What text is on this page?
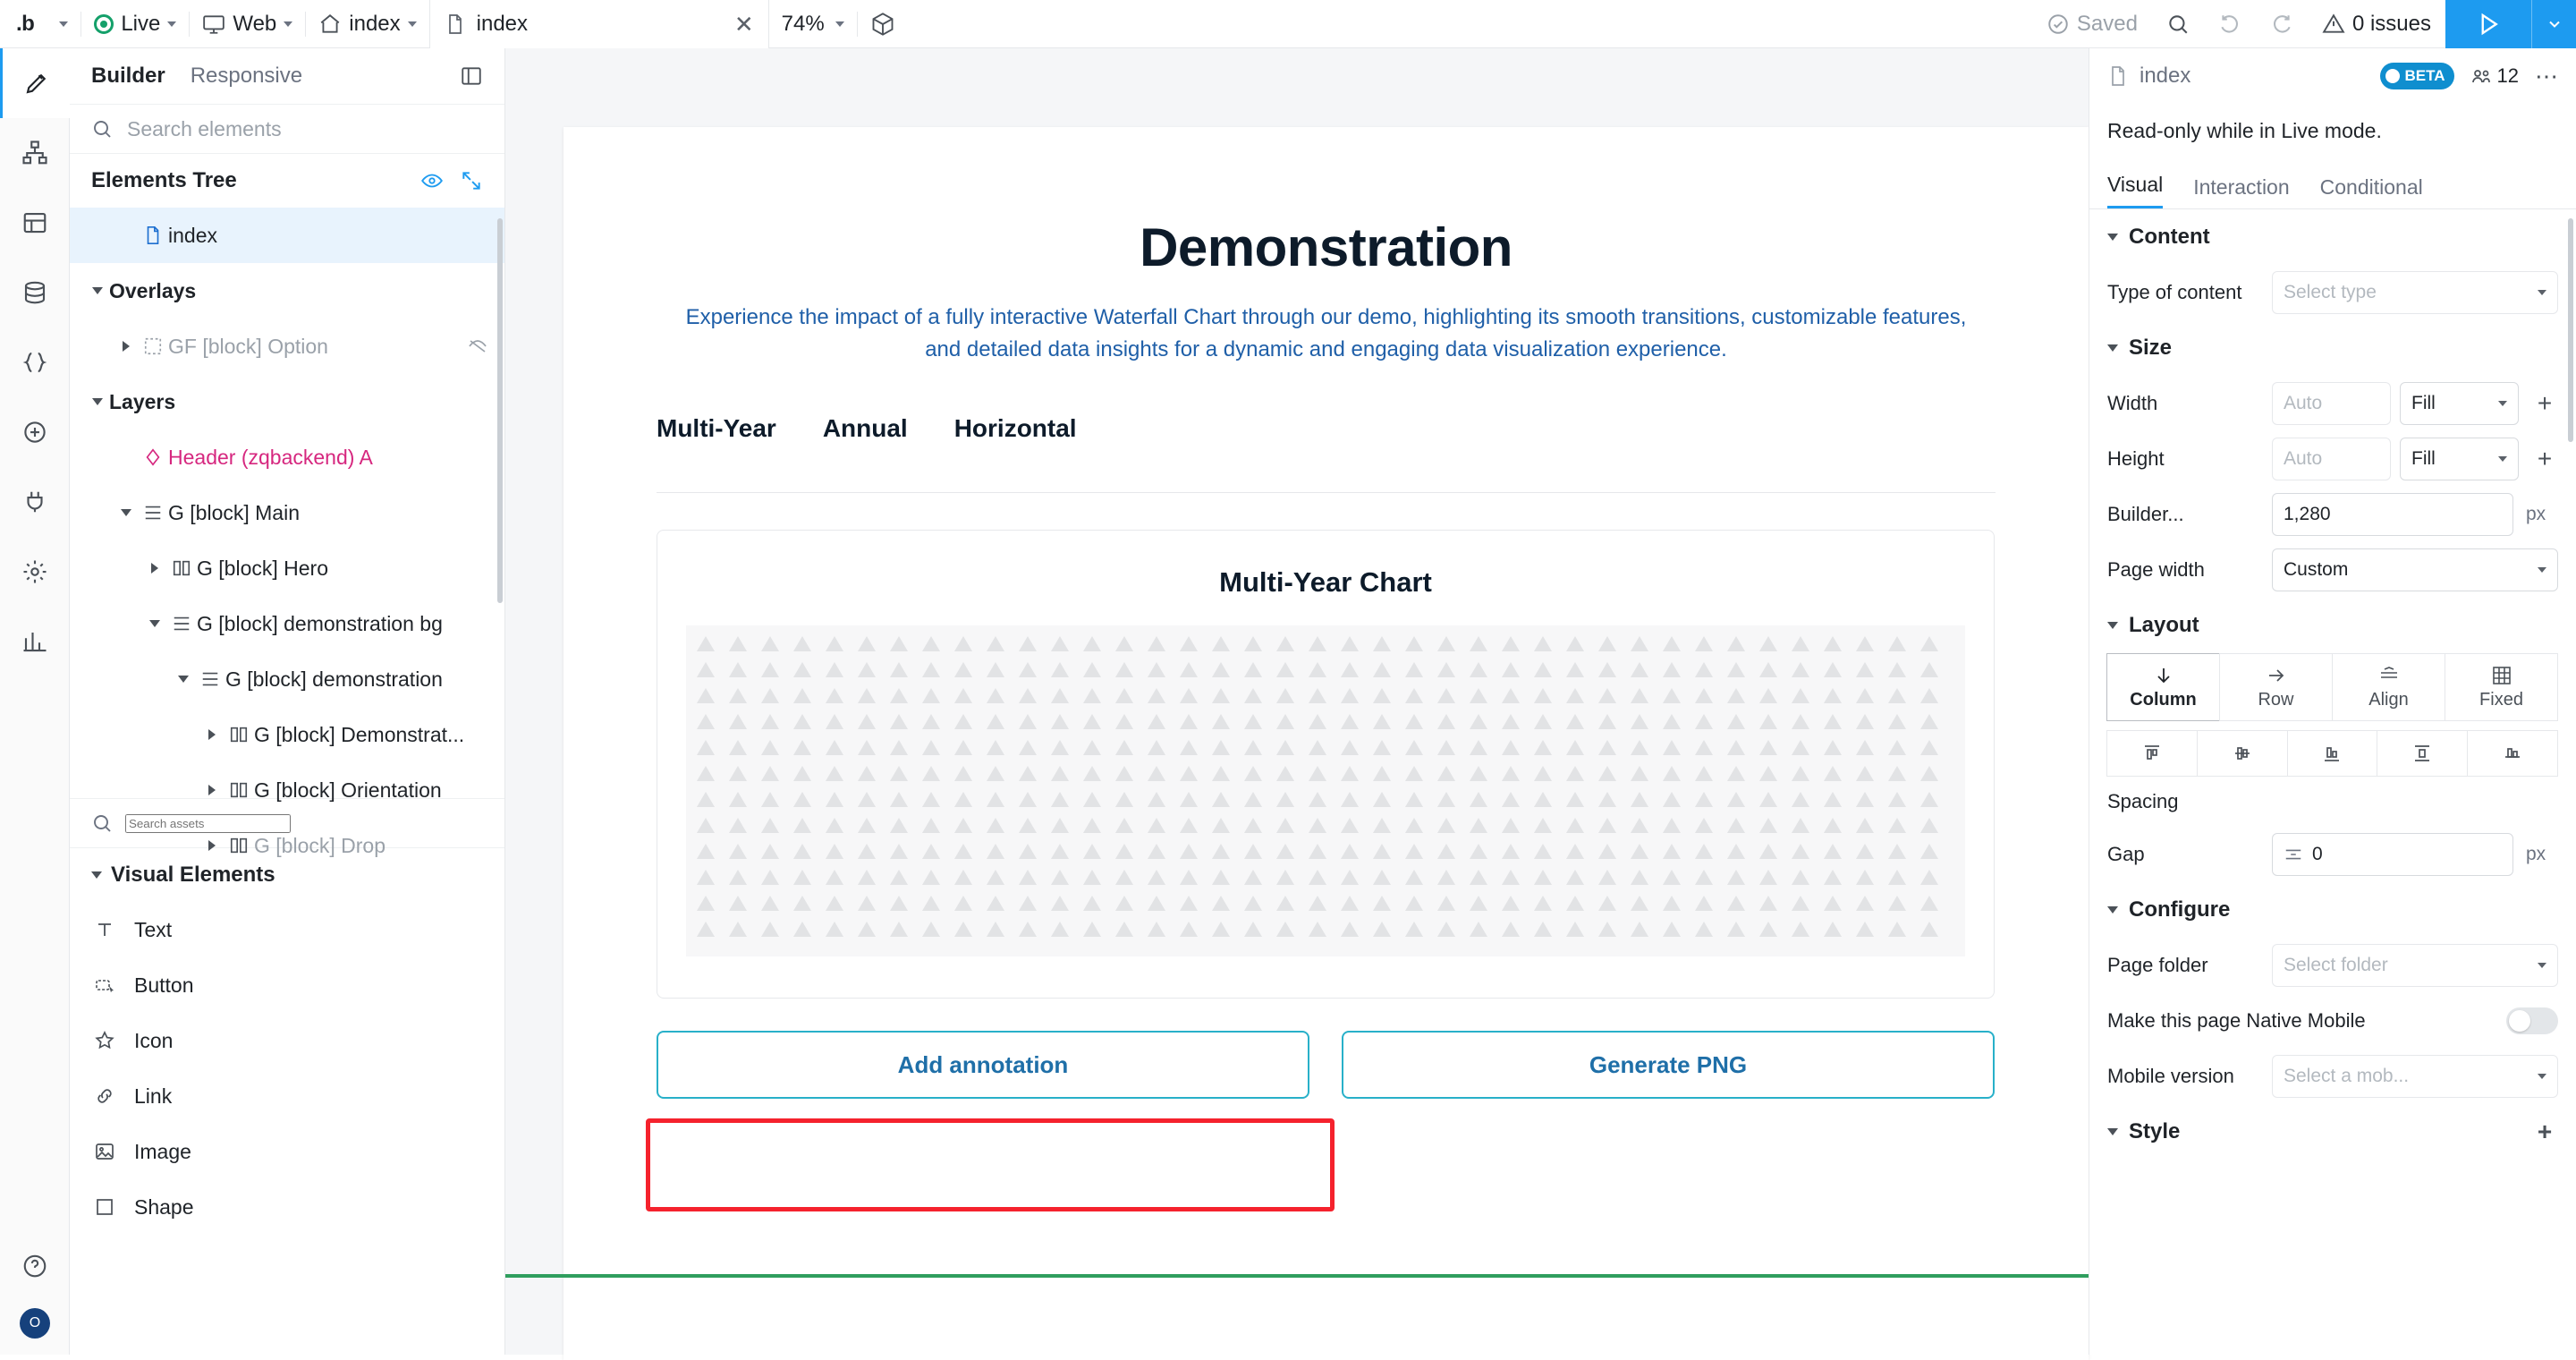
.b	Live	Web	index	index	✕ 74%	Saved	0 issues
O
Builder Responsive
Search elements
Elements Tree
index
Overlays
GF [block] Option
Layers
Header (zqbackend) A
G [block] Main
G [block] Hero
G [block] demonstration bg
G [block] demonstration
G [block] Demonstrat...
G [block] Orientation
G [block] Drop
Search assets
Visual Elements
Text
Button
Icon
Link
Image
Shape
Demonstration
Experience the impact of a fully interactive Waterfall Chart through our demo, highlighting its smooth transitions, customizable features, and detailed data insights for a dynamic and engaging data visualization experience.
Multi-Year Annual Horizontal
Multi-Year Chart
Add annotation	Generate PNG
index	BETA	12 ⋯
Read-only while in Live mode.
Visual Interaction Conditional
Content
Type of content	Select type
Size
Width	Auto	Fill	+
Height	Auto	Fill	+
Builder...	1,280	px
Page width	Custom
Layout
Column	Row	Align	Fixed
Spacing
Gap	0	px
Configure
Page folder	Select folder
Make this page Native Mobile
Mobile version	Select a mob...
Style	+
